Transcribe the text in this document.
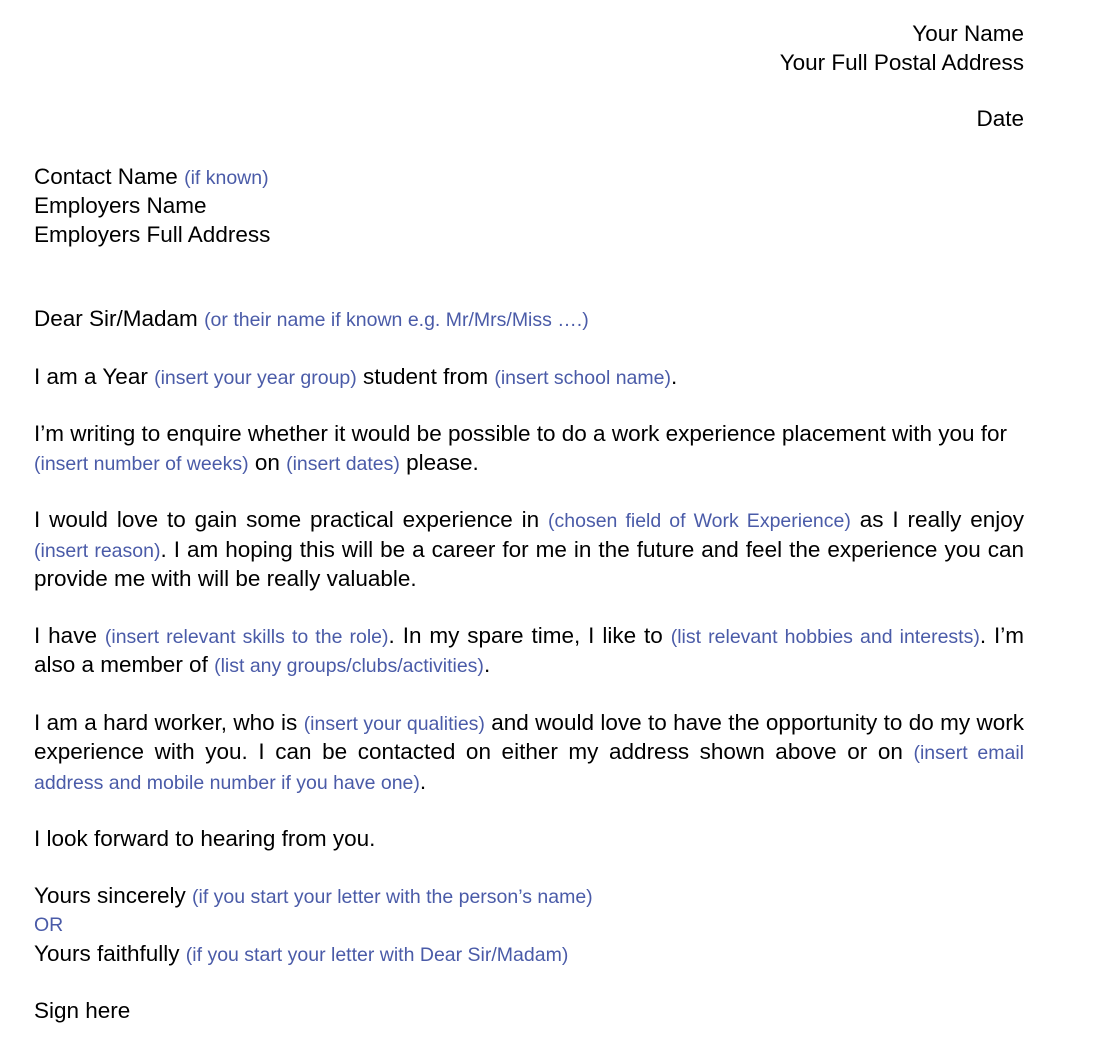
Your Name
Your Full Postal Address
Date
Contact Name (if known)
Employers Name
Employers Full Address

Dear Sir/Madam (or their name if known e.g. Mr/Mrs/Miss ….)

I am a Year (insert your year group) student from (insert school name).

I’m writing to enquire whether it would be possible to do a work experience placement with you for (insert number of weeks) on (insert dates) please.

I would love to gain some practical experience in (chosen field of Work Experience) as I really enjoy (insert reason). I am hoping this will be a career for me in the future and feel the experience you can provide me with will be really valuable.

I have (insert relevant skills to the role). In my spare time, I like to (list relevant hobbies and interests). I’m also a member of (list any groups/clubs/activities).

I am a hard worker, who is (insert your qualities) and would love to have the opportunity to do my work experience with you. I can be contacted on either my address shown above or on (insert email address and mobile number if you have one).

I look forward to hearing from you.

Yours sincerely (if you start your letter with the person’s name)
OR
Yours faithfully (if you start your letter with Dear Sir/Madam)

Sign here
